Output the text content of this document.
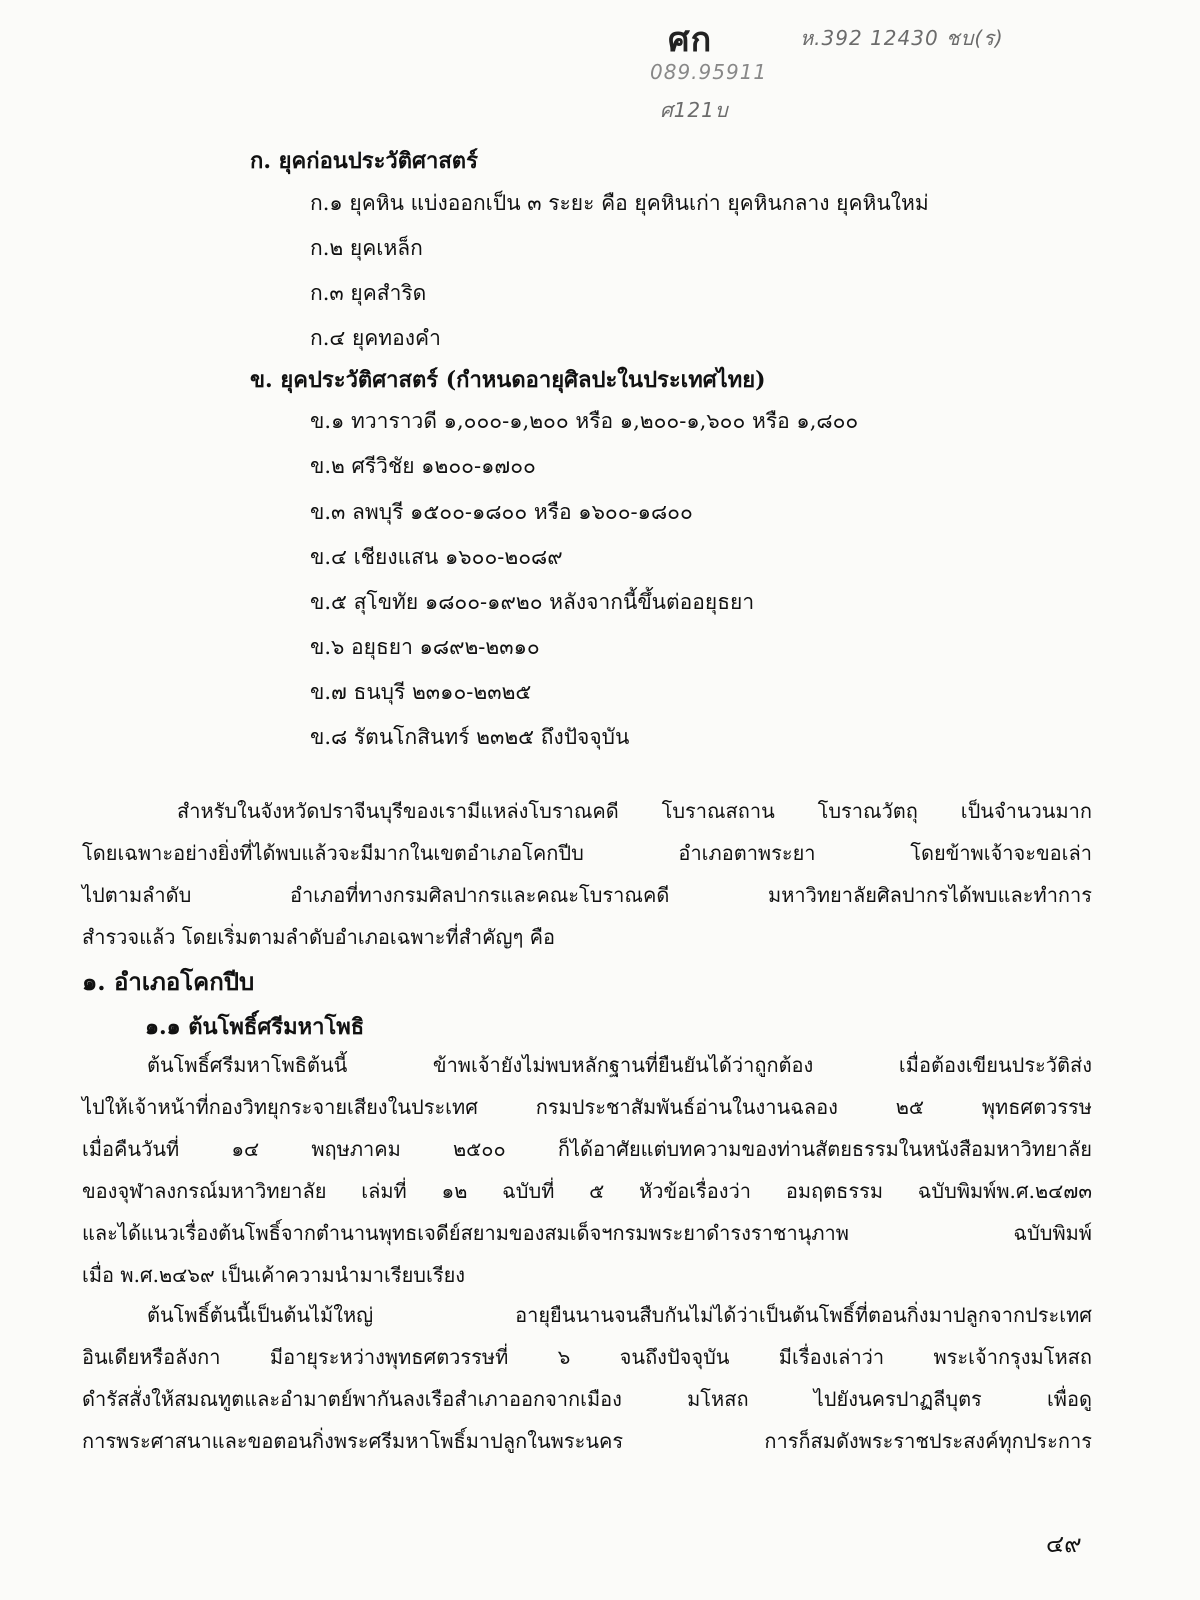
ศก	ห.392 12430 ชบ(ร)
089.95911
ศ121บ
ก. ยุคก่อนประวัติศาสตร์
ก.๑ ยุคหิน แบ่งออกเป็น ๓ ระยะ คือ ยุคหินเก่า ยุคหินกลาง ยุคหินใหม่
ก.๒ ยุคเหล็ก
ก.๓ ยุคสำริด
ก.๔ ยุคทองคำ
ข. ยุคประวัติศาสตร์ (กำหนดอายุศิลปะในประเทศไทย)
ข.๑ ทวาราวดี ๑,๐๐๐-๑,๒๐๐ หรือ ๑,๒๐๐-๑,๖๐๐ หรือ ๑,๘๐๐
ข.๒ ศรีวิชัย ๑๒๐๐-๑๗๐๐
ข.๓ ลพบุรี ๑๕๐๐-๑๘๐๐ หรือ ๑๖๐๐-๑๘๐๐
ข.๔ เชียงแสน ๑๖๐๐-๒๐๘๙
ข.๕ สุโขทัย ๑๘๐๐-๑๙๒๐ หลังจากนี้ขึ้นต่ออยุธยา
ข.๖ อยุธยา ๑๘๙๒-๒๓๑๐
ข.๗ ธนบุรี ๒๓๑๐-๒๓๒๕
ข.๘ รัตนโกสินทร์ ๒๓๒๕ ถึงปัจจุบัน
สำหรับในจังหวัดปราจีนบุรีของเรามีแหล่งโบราณคดี โบราณสถาน โบราณวัตถุ เป็นจำนวนมาก
โดยเฉพาะอย่างยิ่งที่ได้พบแล้วจะมีมากในเขตอำเภอโคกปีบ อำเภอตาพระยา โดยข้าพเจ้าจะขอเล่า
ไปตามลำดับ อำเภอที่ทางกรมศิลปากรและคณะโบราณคดี มหาวิทยาลัยศิลปากรได้พบและทำการ
สำรวจแล้ว โดยเริ่มตามลำดับอำเภอเฉพาะที่สำคัญๆ คือ
๑. อำเภอโคกปีบ
๑.๑ ต้นโพธิ์ศรีมหาโพธิ
ต้นโพธิ์ศรีมหาโพธิต้นนี้ ข้าพเจ้ายังไม่พบหลักฐานที่ยืนยันได้ว่าถูกต้อง เมื่อต้องเขียนประวัติส่ง
ไปให้เจ้าหน้าที่กองวิทยุกระจายเสียงในประเทศ กรมประชาสัมพันธ์อ่านในงานฉลอง ๒๕ พุทธศตวรรษ
เมื่อคืนวันที่ ๑๔ พฤษภาคม ๒๕๐๐ ก็ได้อาศัยแต่บทความของท่านสัตยธรรมในหนังสือมหาวิทยาลัย
ของจุฬาลงกรณ์มหาวิทยาลัย เล่มที่ ๑๒ ฉบับที่ ๕ หัวข้อเรื่องว่า อมฤตธรรม ฉบับพิมพ์พ.ศ.๒๔๗๓
และได้แนวเรื่องต้นโพธิ์จากตำนานพุทธเจดีย์สยามของสมเด็จฯกรมพระยาดำรงราชานุภาพ ฉบับพิมพ์
เมื่อ พ.ศ.๒๔๖๙ เป็นเค้าความนำมาเรียบเรียง
ต้นโพธิ์ต้นนี้เป็นต้นไม้ใหญ่ อายุยืนนานจนสืบกันไม่ได้ว่าเป็นต้นโพธิ์ที่ตอนกิ่งมาปลูกจากประเทศ
อินเดียหรือลังกา มีอายุระหว่างพุทธศตวรรษที่ ๖ จนถึงปัจจุบัน มีเรื่องเล่าว่า พระเจ้ากรุงมโหสถ
ดำรัสสั่งให้สมณทูตและอำมาตย์พากันลงเรือสำเภาออกจากเมือง มโหสถ ไปยังนครปาฏลีบุตร เพื่อดู
การพระศาสนาและขอตอนกิ่งพระศรีมหาโพธิ์มาปลูกในพระนคร การก็สมดังพระราชประสงค์ทุกประการ
๔๙
